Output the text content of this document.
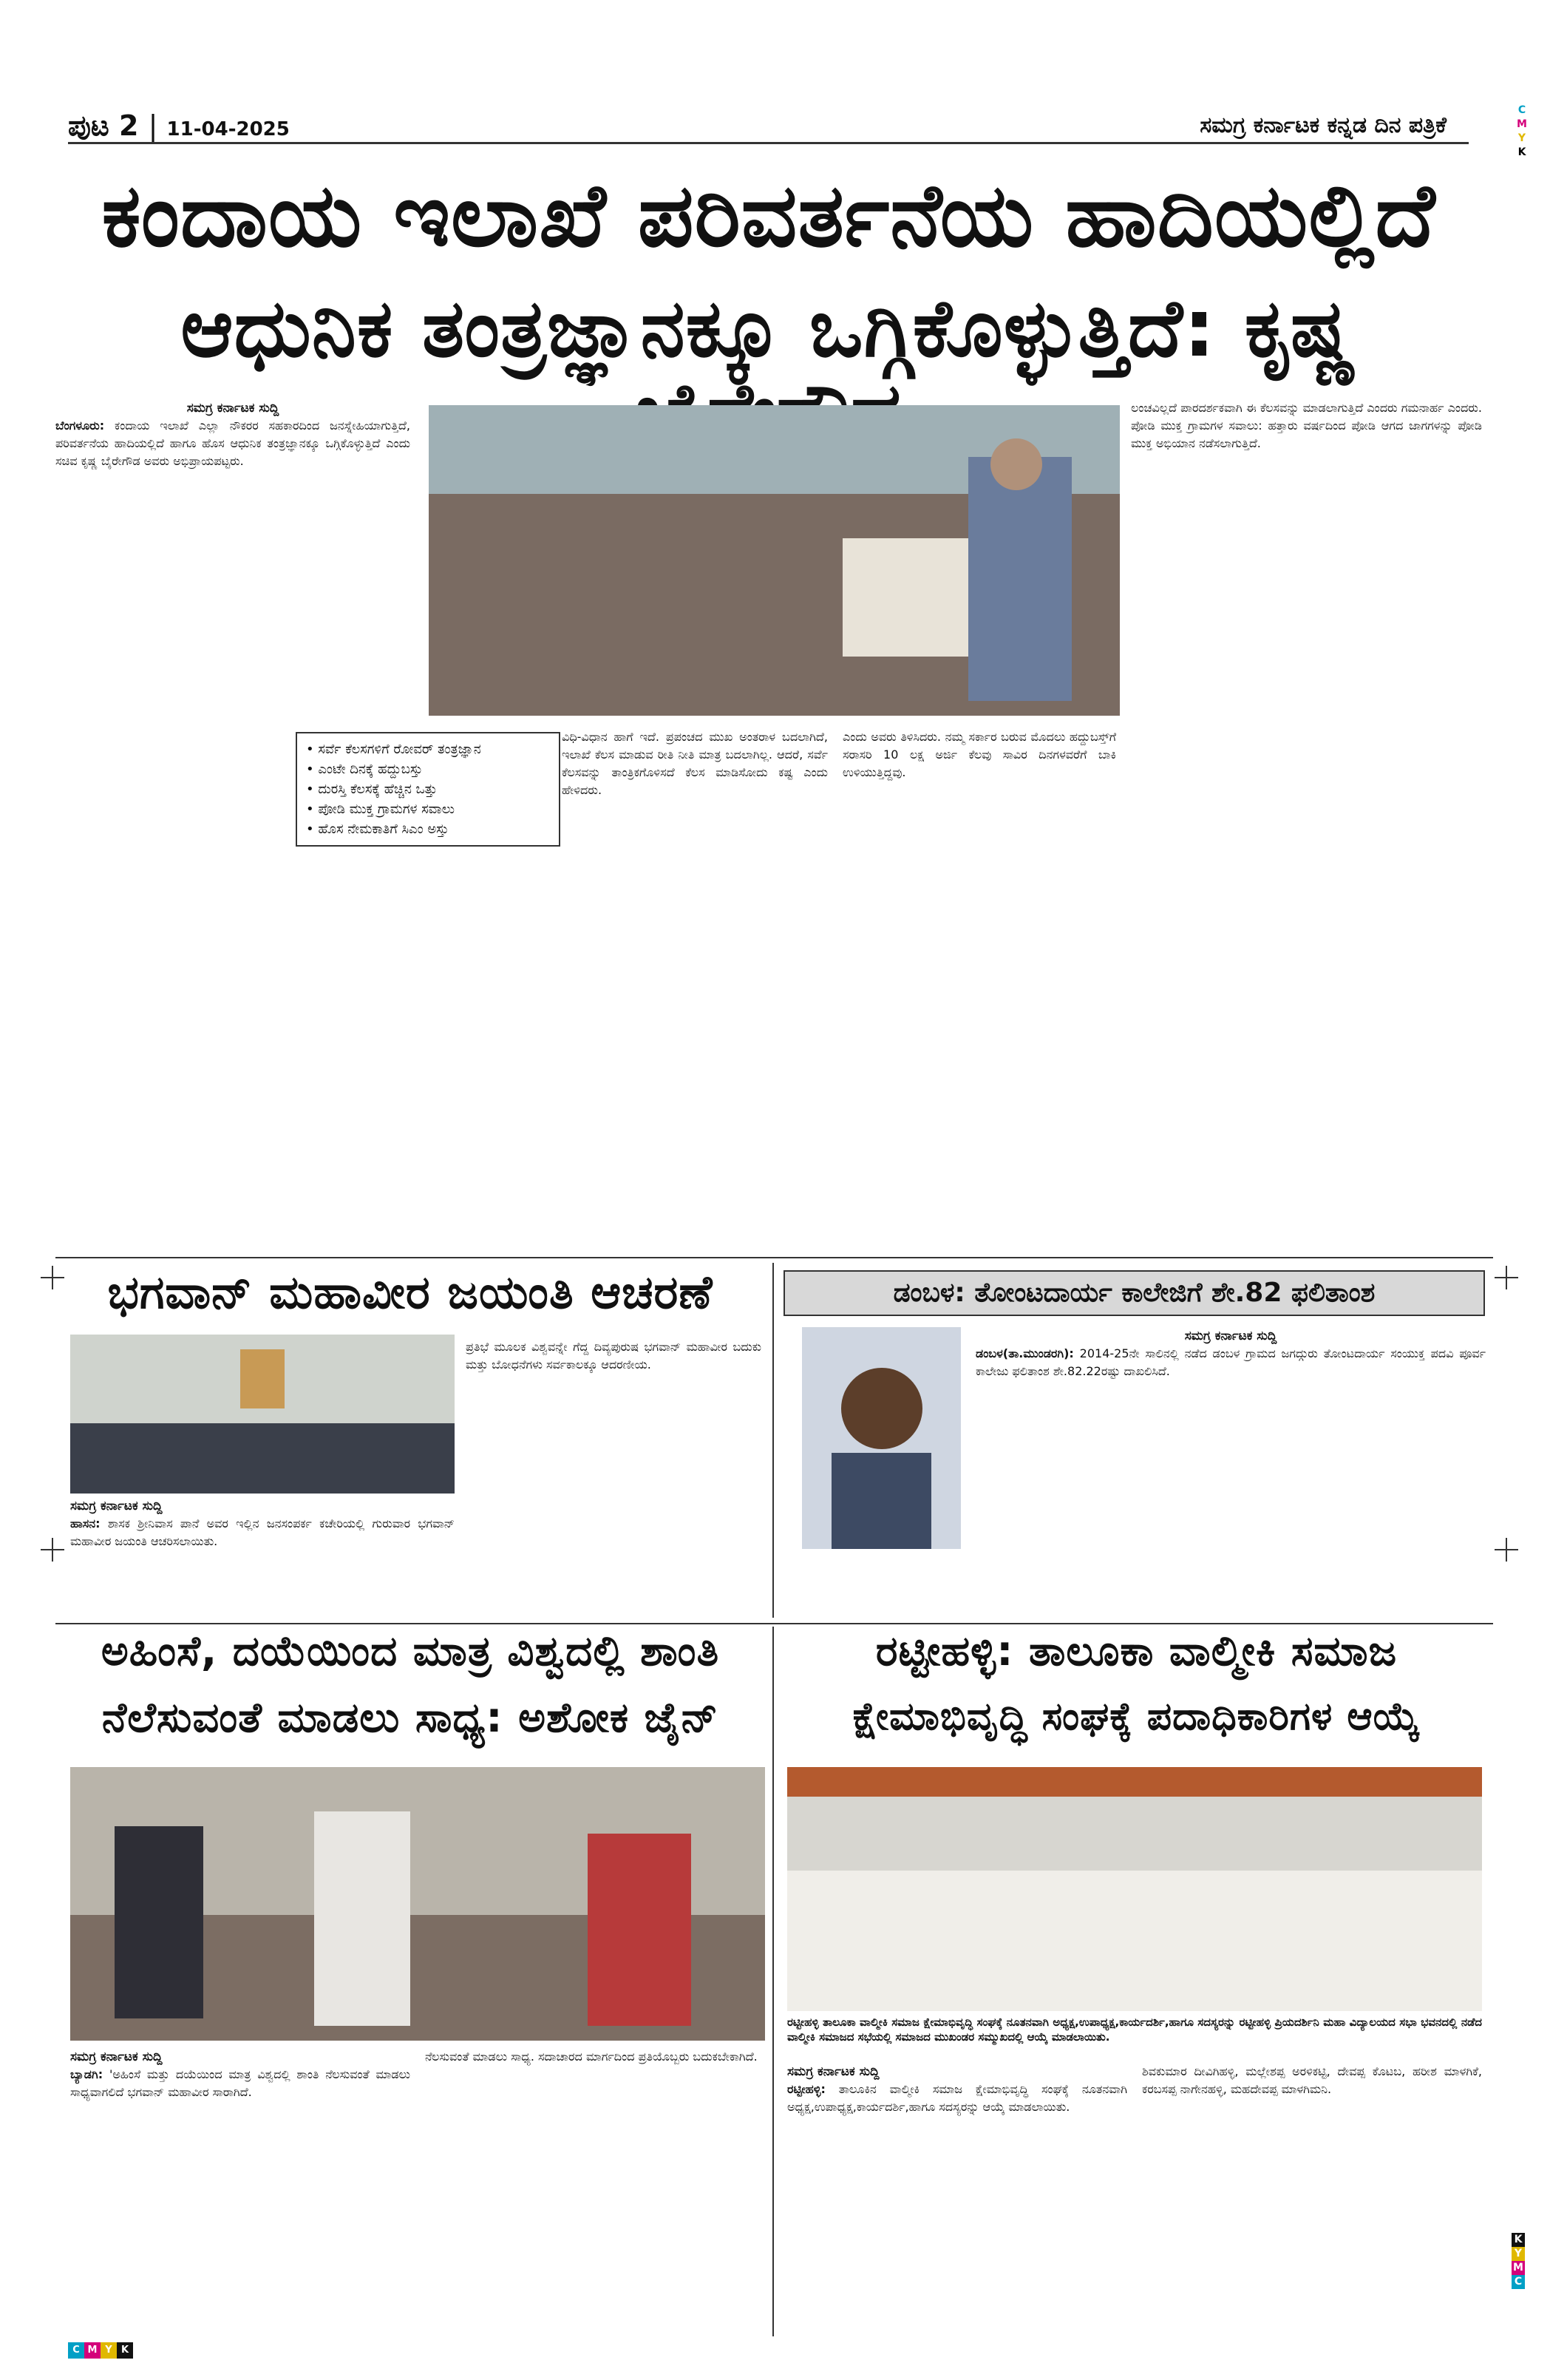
ಪುಟ 2 | 11-04-2025	ಸಮಗ್ರ ಕರ್ನಾಟಕ ಕನ್ನಡ ದಿನ ಪತ್ರಿಕೆ
C
M
Y
K
K
Y
M
C
C M Y K
ಕಂದಾಯ ಇಲಾಖೆ ಪರಿವರ್ತನೆಯ ಹಾದಿಯಲ್ಲಿದೆ
ಆಧುನಿಕ ತಂತ್ರಜ್ಞಾನಕ್ಕೂ ಒಗ್ಗಿಕೊಳ್ಳುತ್ತಿದೆ: ಕೃಷ್ಣ
ಸಮಗ್ರ ಕರ್ನಾಟಕ ಸುದ್ದಿ
ಬೆಂಗಳೂರು: ಕಂದಾಯ ಇಲಾಖೆ ಎಲ್ಲಾ ನೌಕರರ ಸಹಕಾರದಿಂದ ಜನಸ್ನೇಹಿಯಾಗುತ್ತಿದೆ, ಪರಿವರ್ತನೆಯ ಹಾದಿಯಲ್ಲಿದೆ ಹಾಗೂ ಹೊಸ ಆಧುನಿಕ ತಂತ್ರಜ್ಞಾನಕ್ಕೂ ಒಗ್ಗಿಕೊಳ್ಳುತ್ತಿದೆ ಎಂದು ಸಚಿವ ಕೃಷ್ಣ ಬೈರೇಗೌಡ ಅವರು ಅಭಿಪ್ರಾಯಪಟ್ಟರು.
• ಸರ್ವೆ ಕೆಲಸಗಳಿಗೆ ರೋವರ್ ತಂತ್ರಜ್ಞಾನ
• ಎಂಟೇ ದಿನಕ್ಕೆ ಹದ್ದುಬಸ್ತು
• ದುರಸ್ತಿ ಕೆಲಸಕ್ಕೆ ಹೆಚ್ಚಿನ ಒತ್ತು
• ಪೋಡಿ ಮುಕ್ತ ಗ್ರಾಮಗಳ ಸವಾಲು
• ಹೊಸ ನೇಮಕಾತಿಗೆ ಸಿಎಂ ಅಸ್ತು
ವಿಧಿ-ವಿಧಾನ ಹಾಗೆ ಇದೆ. ಪ್ರಪಂಚದ ಮುಖ ಅಂತರಾಳ ಬದಲಾಗಿದೆ, ಇಲಾಖೆ ಕೆಲಸ ಮಾಡುವ ರೀತಿ ನೀತಿ ಮಾತ್ರ ಬದಲಾಗಿಲ್ಲ. ಆದರೆ, ಸರ್ವೆ ಕೆಲಸವನ್ನು ತಾಂತ್ರಿಕಗೊಳಿಸದೆ ಕೆಲಸ ಮಾಡಿಸೋದು ಕಷ್ಟ ಎಂದು ಹೇಳಿದರು.
ಎಂದು ಅವರು ತಿಳಿಸಿದರು. ನಮ್ಮ ಸರ್ಕಾರ ಬರುವ ಮೊದಲು ಹದ್ದುಬಸ್ತ್‌ಗೆ ಸರಾಸರಿ 10 ಲಕ್ಷ ಅರ್ಜಿ ಕೆಲವು ಸಾವಿರ ದಿನಗಳವರೆಗೆ ಬಾಕಿ ಉಳಿಯುತ್ತಿದ್ದವು.
ಲಂಚವಿಲ್ಲದೆ ಪಾರದರ್ಶಕವಾಗಿ ಈ ಕೆಲಸವನ್ನು ಮಾಡಲಾಗುತ್ತಿದೆ ಎಂದರು ಗಮನಾರ್ಹ ಎಂದರು. ಪೋಡಿ ಮುಕ್ತ ಗ್ರಾಮಗಳ ಸವಾಲು: ಹತ್ತಾರು ವರ್ಷದಿಂದ ಪೋಡಿ ಆಗದ ಜಾಗಗಳನ್ನು ಪೋಡಿ ಮುಕ್ತ ಅಭಿಯಾನ ನಡೆಸಲಾಗುತ್ತಿದೆ.
ಭಗವಾನ್ ಮಹಾವೀರ ಜಯಂತಿ ಆಚರಣೆ
ಸಮಗ್ರ ಕರ್ನಾಟಕ ಸುದ್ದಿ
ಹಾಸನ: ಶಾಸಕ ಶ್ರೀನಿವಾಸ ಪಾನೆ ಅವರ ಇಲ್ಲಿನ ಜನಸಂಪರ್ಕ ಕಚೇರಿಯಲ್ಲಿ ಗುರುವಾರ ಭಗವಾನ್ ಮಹಾವೀರ ಜಯಂತಿ ಆಚರಿಸಲಾಯಿತು.
ಪ್ರತಿಭೆ ಮೂಲಕ ವಿಶ್ವವನ್ನೇ ಗೆದ್ದ ದಿವ್ಯಪುರುಷ ಭಗವಾನ್ ಮಹಾವೀರ ಬದುಕು ಮತ್ತು ಬೋಧನೆಗಳು ಸರ್ವಕಾಲಕ್ಕೂ ಆದರಣೀಯ.
ಡಂಬಳ: ತೋಂಟದಾರ್ಯ ಕಾಲೇಜಿಗೆ ಶೇ.82 ಫಲಿತಾಂಶ
ಸಮಗ್ರ ಕರ್ನಾಟಕ ಸುದ್ದಿ
ಡಂಬಳ(ತಾ.ಮುಂಡರಗಿ): 2014-25ನೇ ಸಾಲಿನಲ್ಲಿ ನಡೆದ ಡಂಬಳ ಗ್ರಾಮದ ಜಗದ್ಗುರು ತೋಂಟದಾರ್ಯ ಸಂಯುಕ್ತ ಪದವಿ ಪೂರ್ವ ಕಾಲೇಜು ಫಲಿತಾಂಶ ಶೇ.82.22ರಷ್ಟು ದಾಖಲಿಸಿದೆ.
ಅಹಿಂಸೆ, ದಯೆಯಿಂದ ಮಾತ್ರ ವಿಶ್ವದಲ್ಲಿ ಶಾಂತಿ
ನೆಲೆಸುವಂತೆ ಮಾಡಲು ಸಾಧ್ಯ: ಅಶೋಕ ಜೈನ್
ಸಮಗ್ರ ಕರ್ನಾಟಕ ಸುದ್ದಿ
ಬ್ಯಾಡಗಿ: 'ಅಹಿಂಸೆ ಮತ್ತು ದಯೆಯಿಂದ ಮಾತ್ರ ವಿಶ್ವದಲ್ಲಿ ಶಾಂತಿ ನೆಲಸುವಂತೆ ಮಾಡಲು ಸಾಧ್ಯವಾಗಲಿದೆ ಭಗವಾನ್ ಮಹಾವೀರ ಸಾರಾಗಿದೆ.
ನೆಲಸುವಂತೆ ಮಾಡಲು ಸಾಧ್ಯ. ಸದಾಚಾರದ ಮಾರ್ಗದಿಂದ ಪ್ರತಿಯೊಬ್ಬರು ಬದುಕಬೇಕಾಗಿದೆ.
ರಟ್ಟೀಹಳ್ಳಿ: ತಾಲೂಕಾ ವಾಲ್ಮೀಕಿ ಸಮಾಜ
ಕ್ಷೇಮಾಭಿವೃದ್ಧಿ ಸಂಘಕ್ಕೆ ಪದಾಧಿಕಾರಿಗಳ ಆಯ್ಕೆ
ರಟ್ಟೀಹಳ್ಳಿ ತಾಲೂಕಾ ವಾಲ್ಮೀಕಿ ಸಮಾಜ ಕ್ಷೇಮಾಭಿವೃದ್ಧಿ ಸಂಘಕ್ಕೆ ನೂತನವಾಗಿ ಅಧ್ಯಕ್ಷ,ಉಪಾಧ್ಯಕ್ಷ,ಕಾರ್ಯದರ್ಶಿ,ಹಾಗೂ ಸದಸ್ಯರನ್ನು ರಟ್ಟೀಹಳ್ಳಿ ಪ್ರಿಯದರ್ಶಿನಿ ಮಹಾ ವಿದ್ಯಾಲಯದ ಸಭಾ ಭವನದಲ್ಲಿ ನಡೆದ ವಾಲ್ಮೀಕಿ ಸಮಾಜದ ಸಭೆಯಲ್ಲಿ ಸಮಾಜದ ಮುಖಂಡರ ಸಮ್ಮುಖದಲ್ಲಿ ಆಯ್ಕೆ ಮಾಡಲಾಯಿತು.
ಸಮಗ್ರ ಕರ್ನಾಟಕ ಸುದ್ದಿ
ರಟ್ಟೀಹಳ್ಳಿ: ತಾಲೂಕಿನ ವಾಲ್ಮೀಕಿ ಸಮಾಜ ಕ್ಷೇಮಾಭಿವೃದ್ಧಿ ಸಂಘಕ್ಕೆ ನೂತನವಾಗಿ ಅಧ್ಯಕ್ಷ,ಉಪಾಧ್ಯಕ್ಷ,ಕಾರ್ಯದರ್ಶಿ,ಹಾಗೂ ಸದಸ್ಯರನ್ನು ಆಯ್ಕೆ ಮಾಡಲಾಯಿತು.
ಶಿವಕುಮಾರ ದೀವಿಗಿಹಳ್ಳಿ, ಮಲ್ಲೇಶಪ್ಪ ಅರಳಿಕಟ್ಟಿ, ದೇವಪ್ಪ ಕೊಟಬ, ಹರೀಶ ಮಾಳಗಿಕೆ, ಕರಬಸಪ್ಪ ನಾಗೇನಹಳ್ಳಿ, ಮಹದೇವಪ್ಪ ಮಾಳಗಿಮನಿ.
